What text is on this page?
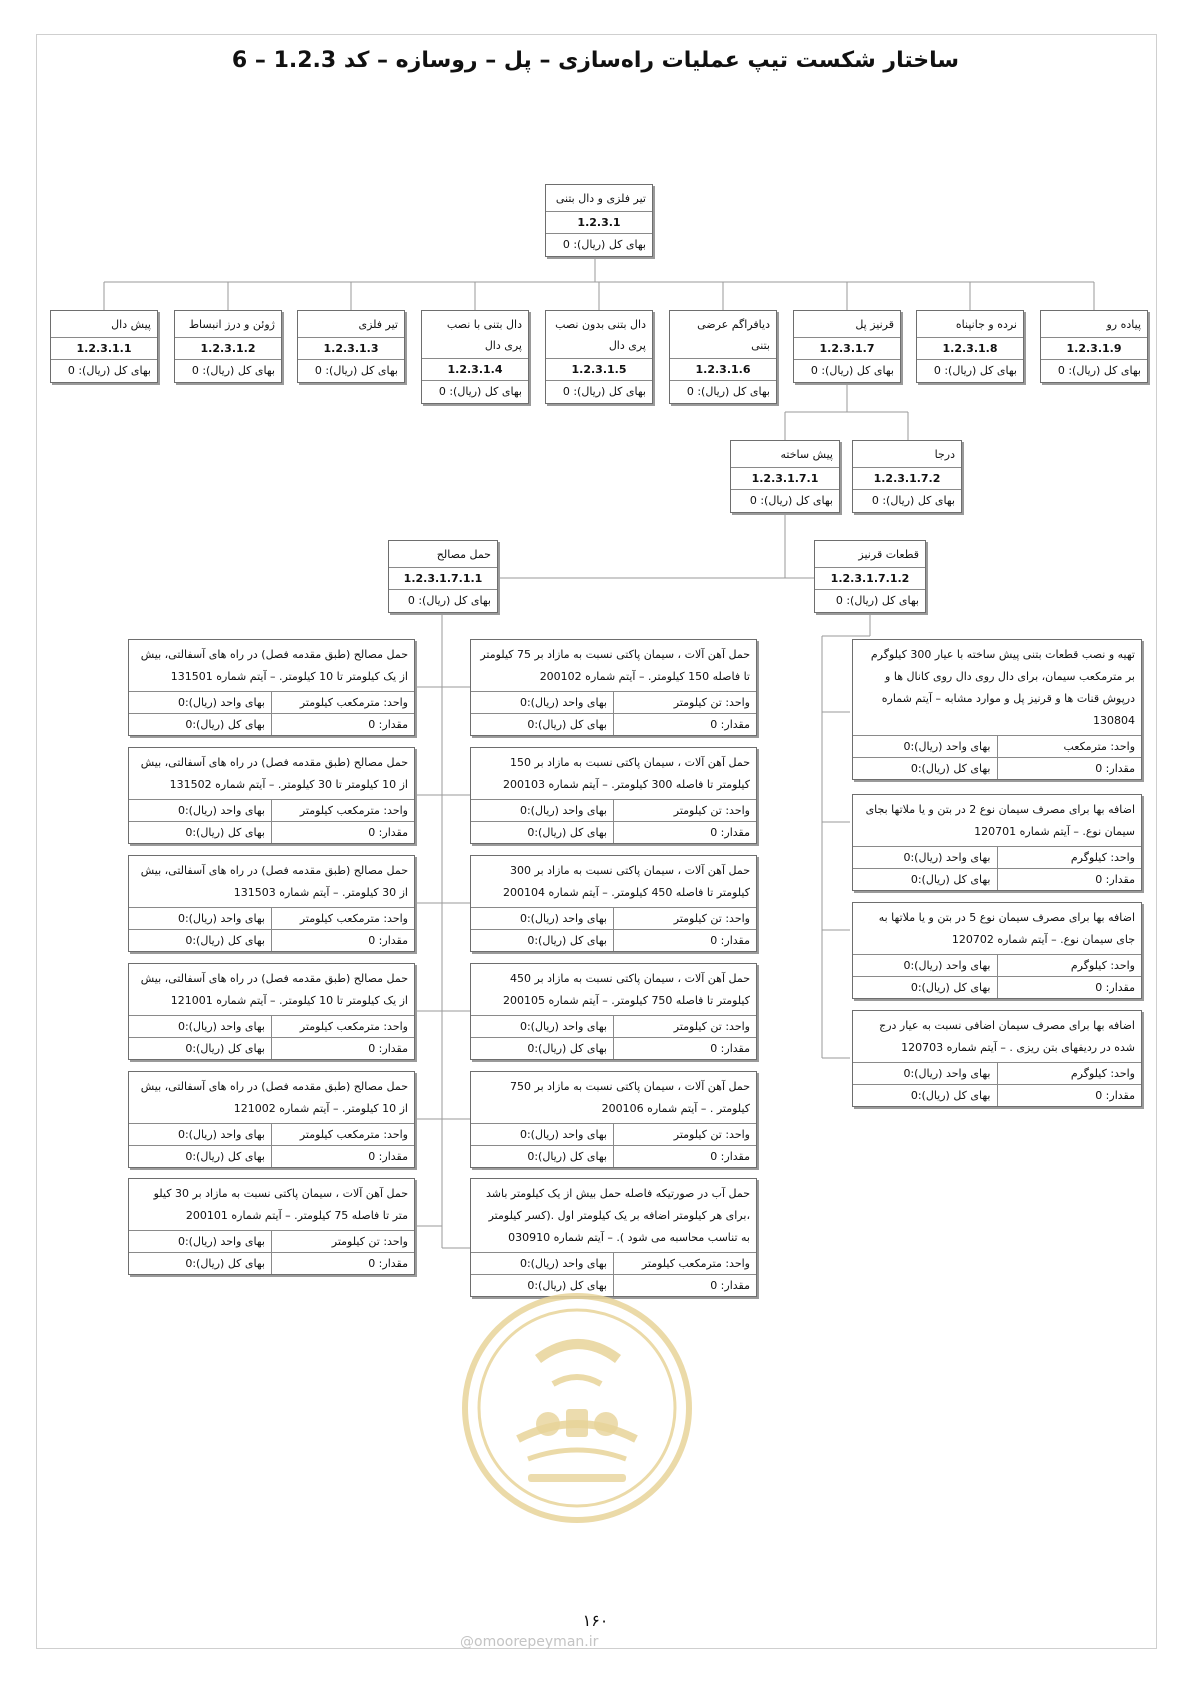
ساختار شکست تیپ عملیات راه‌سازی – پل – روسازه – کد 1.2.3 – 6
تیر فلزی و دال بتنی
1.2.3.1
بهای کل (ریال): 0
پیاده رو
1.2.3.1.9
بهای کل (ریال): 0
نرده و جانپناه
1.2.3.1.8
بهای کل (ریال): 0
قرنیز پل
1.2.3.1.7
بهای کل (ریال): 0
دیافراگم عرضی بتنی
1.2.3.1.6
بهای کل (ریال): 0
دال بتنی بدون نصب پری دال
1.2.3.1.5
بهای کل (ریال): 0
دال بتنی با نصب پری دال
1.2.3.1.4
بهای کل (ریال): 0
تیر فلزی
1.2.3.1.3
بهای کل (ریال): 0
ژوئن و درز انبساط
1.2.3.1.2
بهای کل (ریال): 0
پیش دال
1.2.3.1.1
بهای کل (ریال): 0
درجا
1.2.3.1.7.2
بهای کل (ریال): 0
پیش ساخته
1.2.3.1.7.1
بهای کل (ریال): 0
قطعات قرنیز
1.2.3.1.7.1.2
بهای کل (ریال): 0
حمل مصالح
1.2.3.1.7.1.1
بهای کل (ریال): 0
تهیه و نصب قطعات بتنی پیش ساخته با عیار 300 کیلوگرم بر مترمکعب سیمان، برای دال روی دال روی کانال ها و درپوش قنات ها و قرنیز پل و موارد مشابه – آیتم شماره 130804
واحد: مترمکعب
بهای واحد (ریال):0
مقدار: 0
بهای کل (ریال):0
اضافه بها برای مصرف سیمان نوع 2 در بتن و یا ملاتها بجای سیمان نوع. – آیتم شماره 120701
واحد: کیلوگرم
بهای واحد (ریال):0
مقدار: 0
بهای کل (ریال):0
اضافه بها برای مصرف سیمان نوع 5 در بتن و یا ملاتها به جای سیمان نوع. – آیتم شماره 120702
واحد: کیلوگرم
بهای واحد (ریال):0
مقدار: 0
بهای کل (ریال):0
اضافه بها برای مصرف سیمان اضافی نسبت به عیار درج شده در ردیفهای بتن ریزی . – آیتم شماره 120703
واحد: کیلوگرم
بهای واحد (ریال):0
مقدار: 0
بهای کل (ریال):0
حمل آهن آلات ، سیمان پاکتی نسبت به مازاد بر 75 کیلومتر تا فاصله 150 کیلومتر. – آیتم شماره 200102
واحد: تن کیلومتر
بهای واحد (ریال):0
مقدار: 0
بهای کل (ریال):0
حمل آهن آلات ، سیمان پاکتی نسبت به مازاد بر 150 کیلومتر تا فاصله 300 کیلومتر. – آیتم شماره 200103
واحد: تن کیلومتر
بهای واحد (ریال):0
مقدار: 0
بهای کل (ریال):0
حمل آهن آلات ، سیمان پاکتی نسبت به مازاد بر 300 کیلومتر تا فاصله 450 کیلومتر. – آیتم شماره 200104
واحد: تن کیلومتر
بهای واحد (ریال):0
مقدار: 0
بهای کل (ریال):0
حمل آهن آلات ، سیمان پاکتی نسبت به مازاد بر 450 کیلومتر تا فاصله 750 کیلومتر. – آیتم شماره 200105
واحد: تن کیلومتر
بهای واحد (ریال):0
مقدار: 0
بهای کل (ریال):0
حمل آهن آلات ، سیمان پاکتی نسبت به مازاد بر 750 کیلومتر . – آیتم شماره 200106
واحد: تن کیلومتر
بهای واحد (ریال):0
مقدار: 0
بهای کل (ریال):0
حمل آب در صورتیکه فاصله حمل بیش از یک کیلومتر باشد ،برای هر کیلومتر اضافه بر یک کیلومتر اول .(کسر کیلومتر به تناسب محاسبه می شود ). – آیتم شماره 030910
واحد: مترمکعب کیلومتر
بهای واحد (ریال):0
مقدار: 0
بهای کل (ریال):0
حمل مصالح (طبق مقدمه فصل) در راه های آسفالتی، بیش از یک کیلومتر تا 10 کیلومتر. – آیتم شماره 131501
واحد: مترمکعب کیلومتر
بهای واحد (ریال):0
مقدار: 0
بهای کل (ریال):0
حمل مصالح (طبق مقدمه فصل) در راه های آسفالتی، بیش از 10 کیلومتر تا 30 کیلومتر. – آیتم شماره 131502
واحد: مترمکعب کیلومتر
بهای واحد (ریال):0
مقدار: 0
بهای کل (ریال):0
حمل مصالح (طبق مقدمه فصل) در راه های آسفالتی، بیش از 30 کیلومتر. – آیتم شماره 131503
واحد: مترمکعب کیلومتر
بهای واحد (ریال):0
مقدار: 0
بهای کل (ریال):0
حمل مصالح (طبق مقدمه فصل) در راه های آسفالتی، بیش از یک کیلومتر تا 10 کیلومتر. – آیتم شماره 121001
واحد: مترمکعب کیلومتر
بهای واحد (ریال):0
مقدار: 0
بهای کل (ریال):0
حمل مصالح (طبق مقدمه فصل) در راه های آسفالتی، بیش از 10 کیلومتر. – آیتم شماره 121002
واحد: مترمکعب کیلومتر
بهای واحد (ریال):0
مقدار: 0
بهای کل (ریال):0
حمل آهن آلات ، سیمان پاکتی نسبت به مازاد بر 30 کیلو متر تا فاصله 75 کیلومتر. – آیتم شماره 200101
واحد: تن کیلومتر
بهای واحد (ریال):0
مقدار: 0
بهای کل (ریال):0
۱۶۰
@omoorepeyman.ir
